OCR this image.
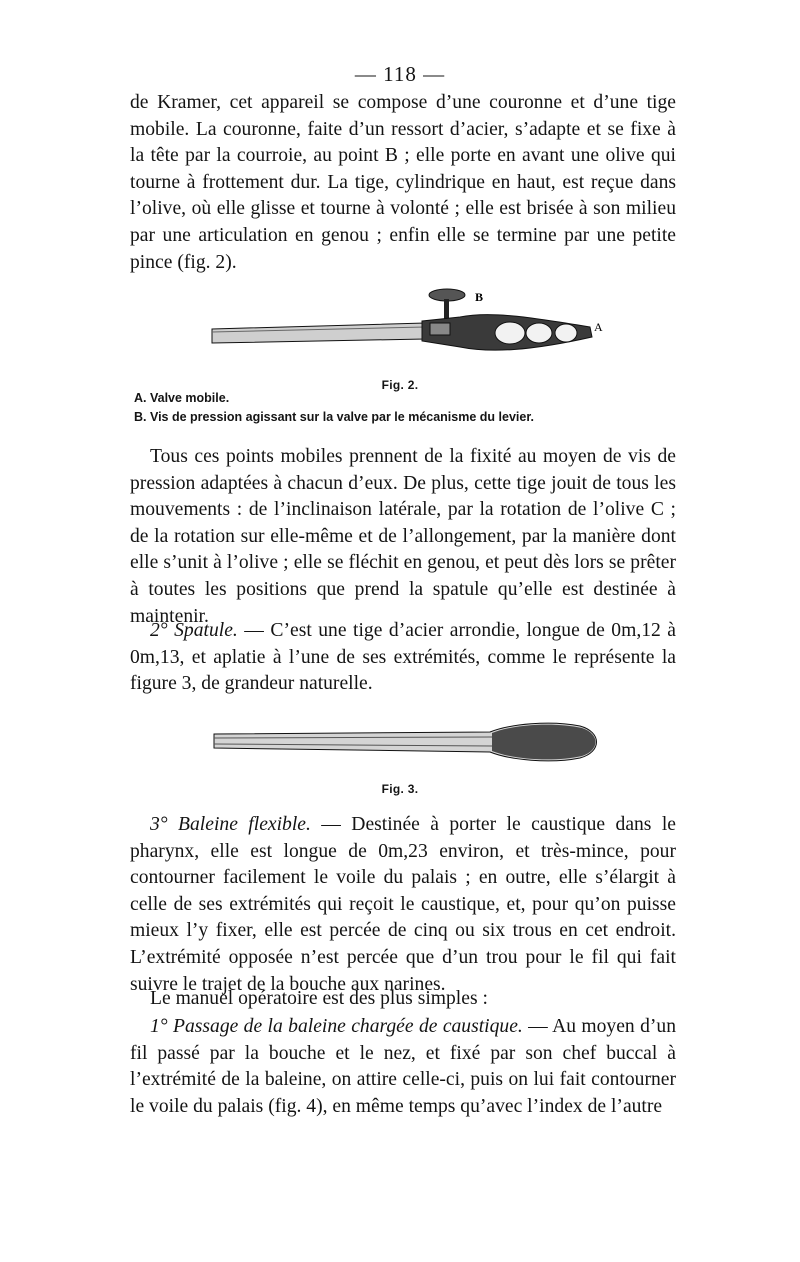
— 118 —

de Kramer, cet appareil se compose d’une couronne et d’une tige mobile. La couronne, faite d’un ressort d’acier, s’adapte et se fixe à la tête par la courroie, au point B ; elle porte en avant une olive qui tourne à frottement dur. La tige, cylindrique en haut, est reçue dans l’olive, où elle glisse et tourne à volonté ; elle est brisée à son milieu par une articulation en genou ; enfin elle se termine par une petite pince (fig. 2).

B
A
Fig. 2.
A. Valve mobile.
B. Vis de pression agissant sur la valve par le mécanisme du levier.

Tous ces points mobiles prennent de la fixité au moyen de vis de pression adaptées à chacun d’eux. De plus, cette tige jouit de tous les mouvements : de l’inclinaison latérale, par la rotation de l’olive C ; de la rotation sur elle-même et de l’allongement, par la manière dont elle s’unit à l’olive ; elle se fléchit en genou, et peut dès lors se prêter à toutes les positions que prend la spatule qu’elle est destinée à maintenir.

2° Spatule. — C’est une tige d’acier arrondie, longue de 0m,12 à 0m,13, et aplatie à l’une de ses extrémités, comme le représente la figure 3, de grandeur naturelle.

Fig. 3.

3° Baleine flexible. — Destinée à porter le caustique dans le pharynx, elle est longue de 0m,23 environ, et très-mince, pour contourner facilement le voile du palais ; en outre, elle s’élargit à celle de ses extrémités qui reçoit le caustique, et, pour qu’on puisse mieux l’y fixer, elle est percée de cinq ou six trous en cet endroit. L’extrémité opposée n’est percée que d’un trou pour le fil qui fait suivre le trajet de la bouche aux narines.

Le manuel opératoire est des plus simples :

1° Passage de la baleine chargée de caustique. — Au moyen d’un fil passé par la bouche et le nez, et fixé par son chef buccal à l’extrémité de la baleine, on attire celle-ci, puis on lui fait contourner le voile du palais (fig. 4), en même temps qu’avec l’index de l’autre
